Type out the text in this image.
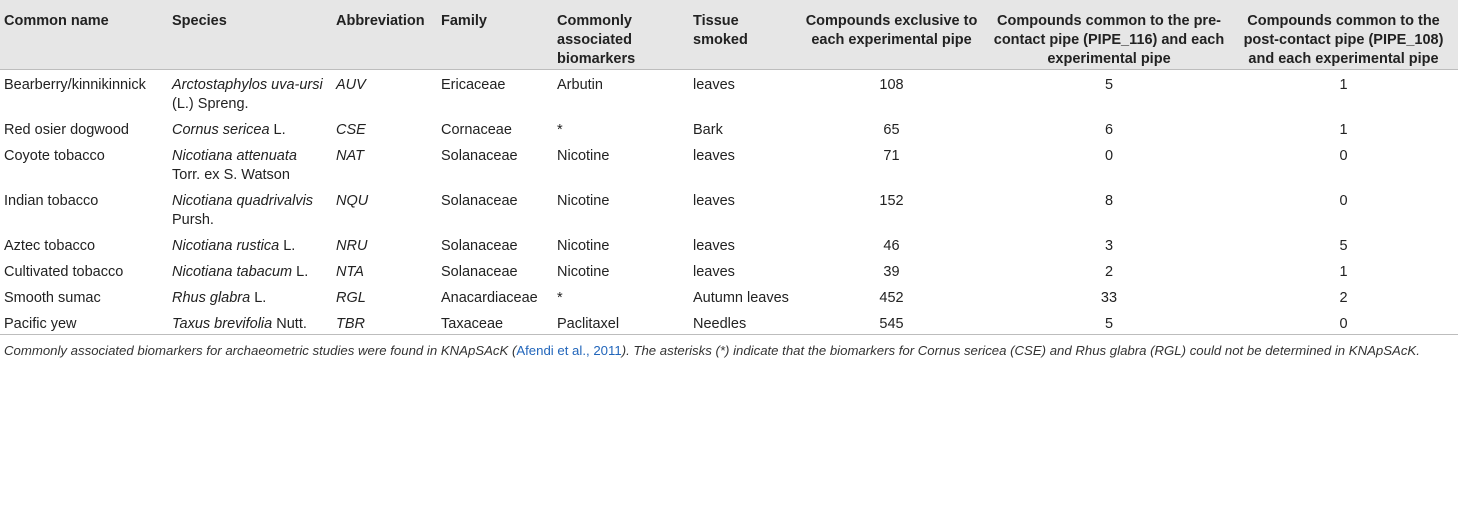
Common name	Species	Abbreviation	Family	Commonly associated biomarkers	Tissue smoked	Compounds exclusive to each experimental pipe	Compounds common to the pre-contact pipe (PIPE_116) and each experimental pipe	Compounds common to the post-contact pipe (PIPE_108) and each experimental pipe
Bearberry/kinnikinnick	Arctostaphylos uva-ursi (L.) Spreng.	AUV	Ericaceae	Arbutin	leaves	108	5	1
Red osier dogwood	Cornus sericea L.	CSE	Cornaceae	*	Bark	65	6	1
Coyote tobacco	Nicotiana attenuata Torr. ex S. Watson	NAT	Solanaceae	Nicotine	leaves	71	0	0
Indian tobacco	Nicotiana quadrivalvis Pursh.	NQU	Solanaceae	Nicotine	leaves	152	8	0
Aztec tobacco	Nicotiana rustica L.	NRU	Solanaceae	Nicotine	leaves	46	3	5
Cultivated tobacco	Nicotiana tabacum L.	NTA	Solanaceae	Nicotine	leaves	39	2	1
Smooth sumac	Rhus glabra L.	RGL	Anacardiaceae	*	Autumn leaves	452	33	2
Pacific yew	Taxus brevifolia Nutt.	TBR	Taxaceae	Paclitaxel	Needles	545	5	0
Commonly associated biomarkers for archaeometric studies were found in KNApSAcK (Afendi et al., 2011). The asterisks (*) indicate that the biomarkers for Cornus sericea (CSE) and Rhus glabra (RGL) could not be determined in KNApSAcK.
